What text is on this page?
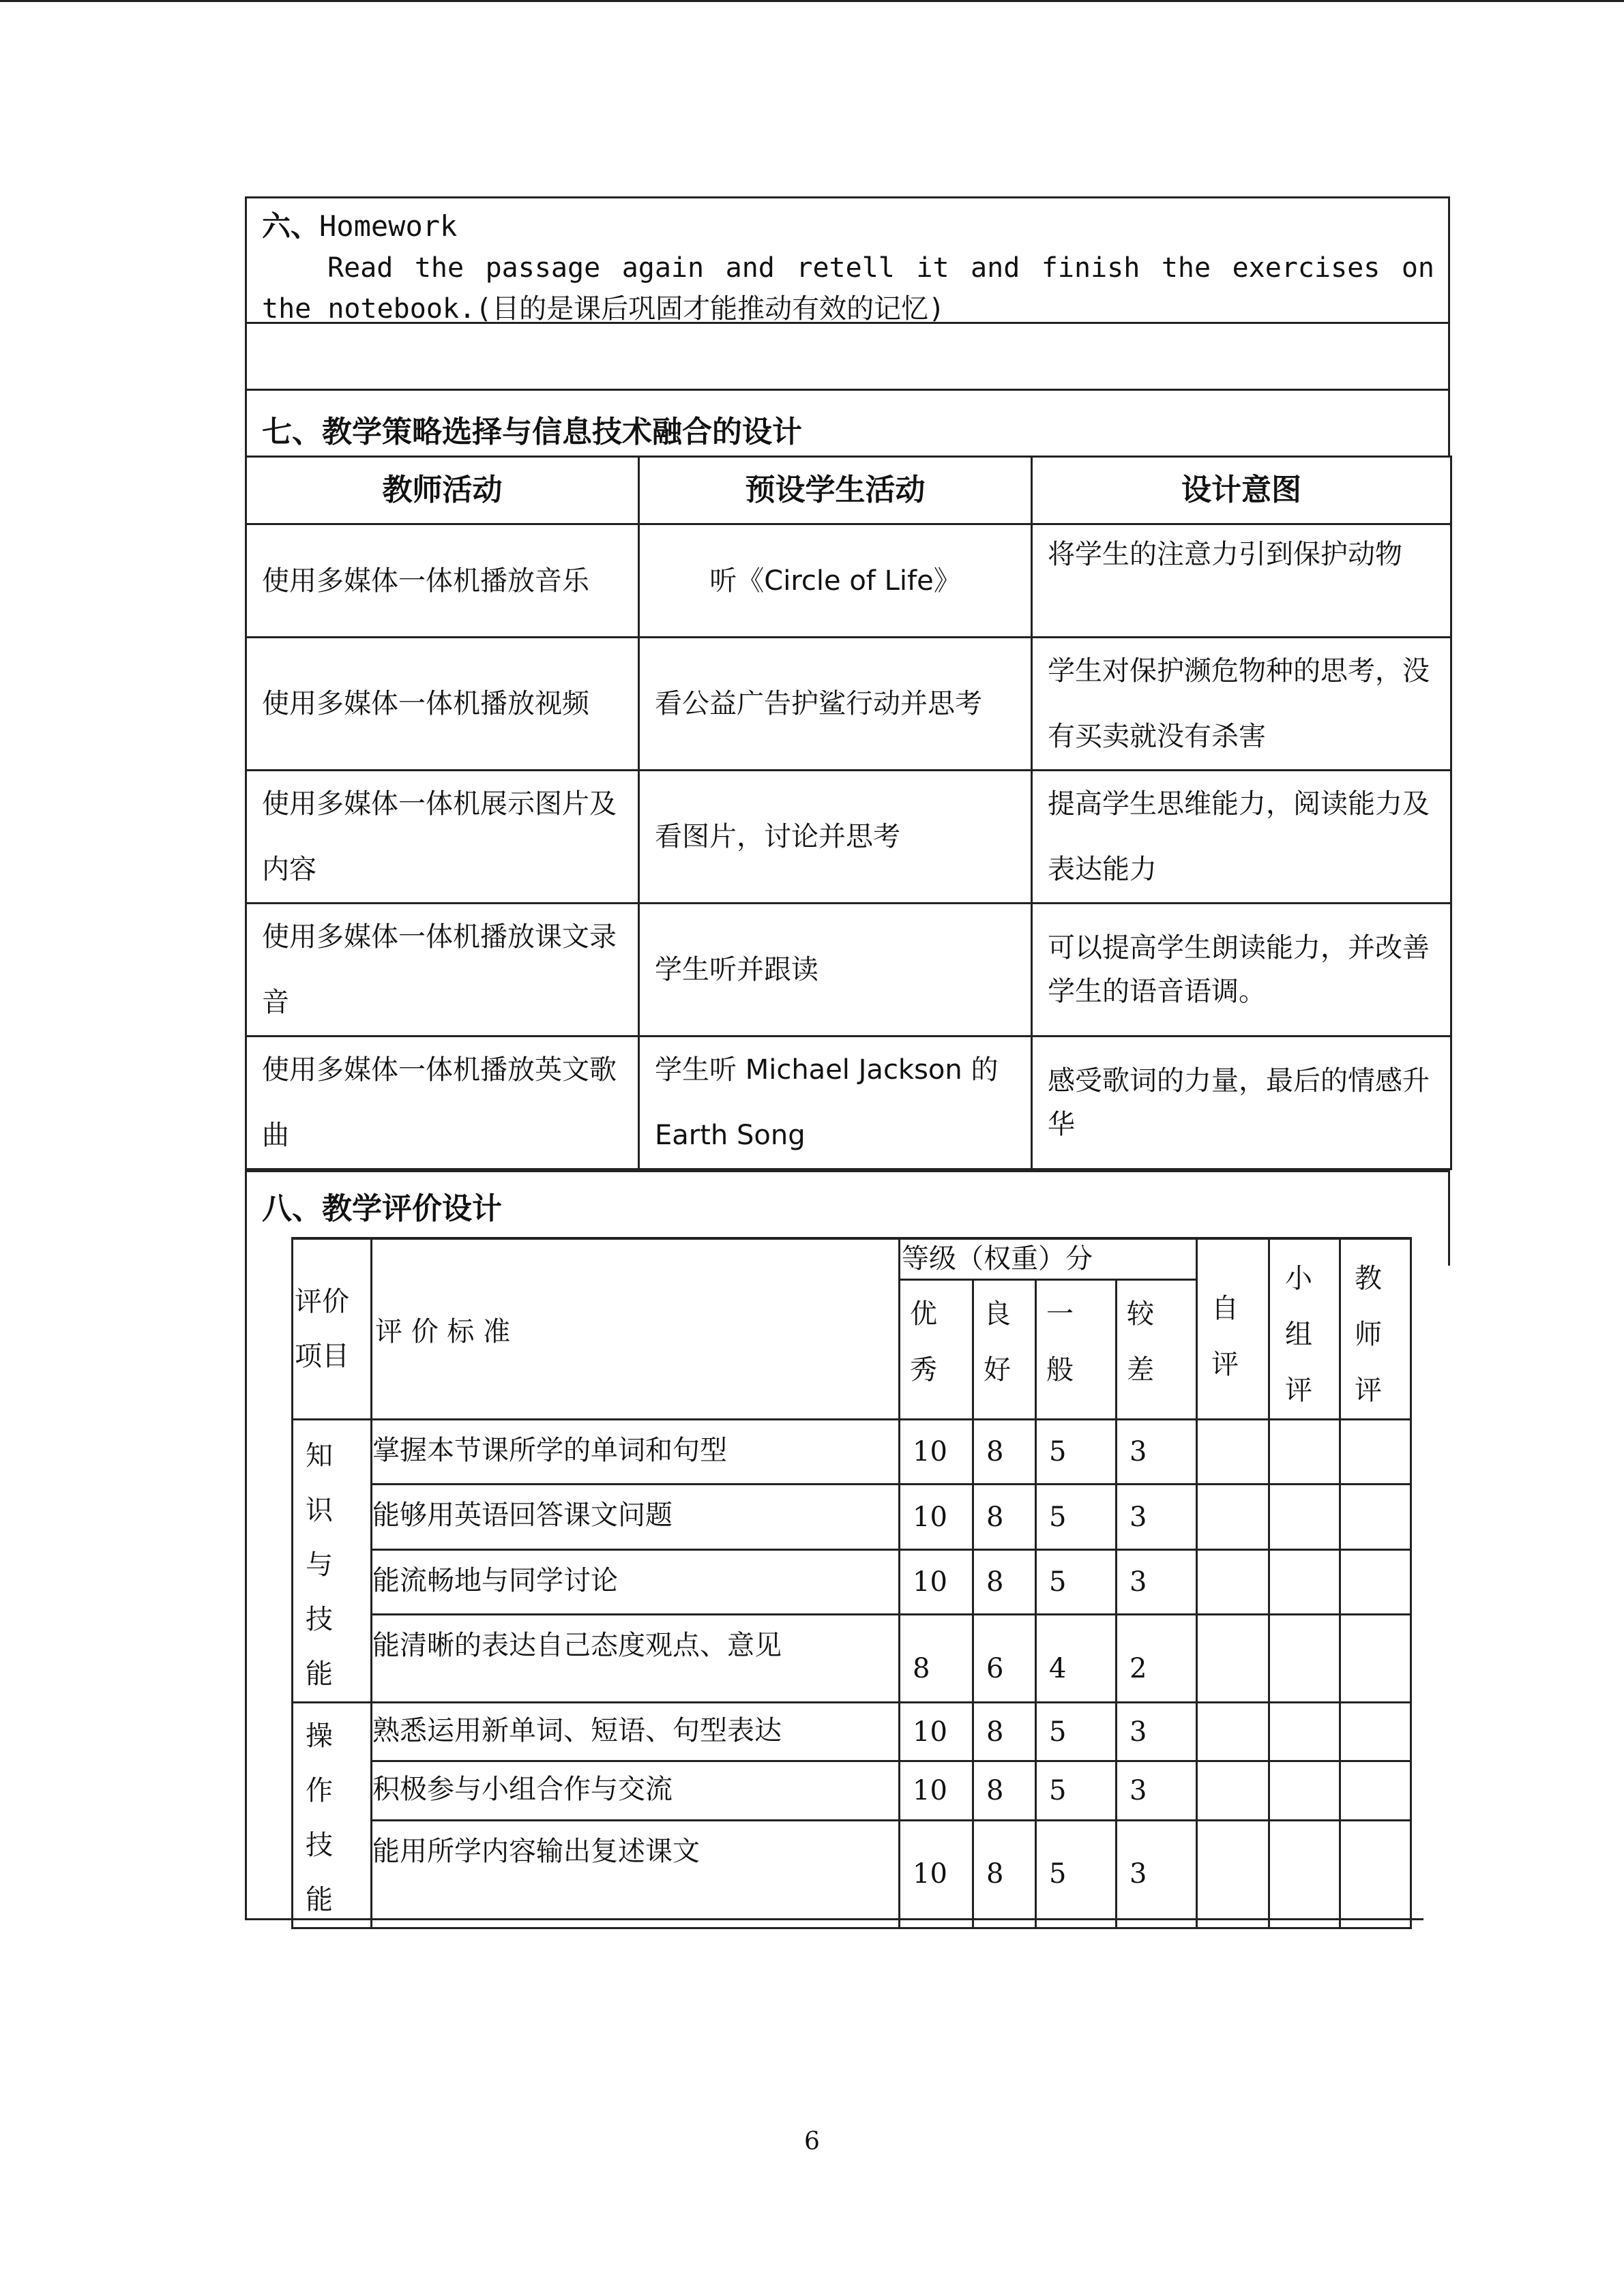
六、Homework
Read the passage again and retell it and finish the exercises on the notebook.(目的是课后巩固才能推动有效的记忆)
七、教学策略选择与信息技术融合的设计
教师活动	预设学生活动	设计意图
使用多媒体一体机播放音乐	听《Circle of Life》	将学生的注意力引到保护动物
使用多媒体一体机播放视频	看公益广告护鲨行动并思考	学生对保护濒危物种的思考，没有买卖就没有杀害
使用多媒体一体机展示图片及内容	看图片，讨论并思考	提高学生思维能力，阅读能力及表达能力
使用多媒体一体机播放课文录音	学生听并跟读	可以提高学生朗读能力，并改善学生的语音语调。
使用多媒体一体机播放英文歌曲	学生听 Michael Jackson 的 Earth Song	感受歌词的力量，最后的情感升华
八、教学评价设计
评价项目	评 价 标 准	等级（权重）分				自评	小组评	教师评

		优秀	良好	一般	较差			

知识与技能	掌握本节课所学的单词和句型	10	8	5	3			
	能够用英语回答课文问题	10	8	5	3			
	能流畅地与同学讨论	10	8	5	3			
	能清晰的表达自己态度观点、意见	8	6	4	2			

操作技能	熟悉运用新单词、短语、句型表达	10	8	5	3			
	积极参与小组合作与交流	10	8	5	3			
	能用所学内容输出复述课文	10	8	5	3			
6
